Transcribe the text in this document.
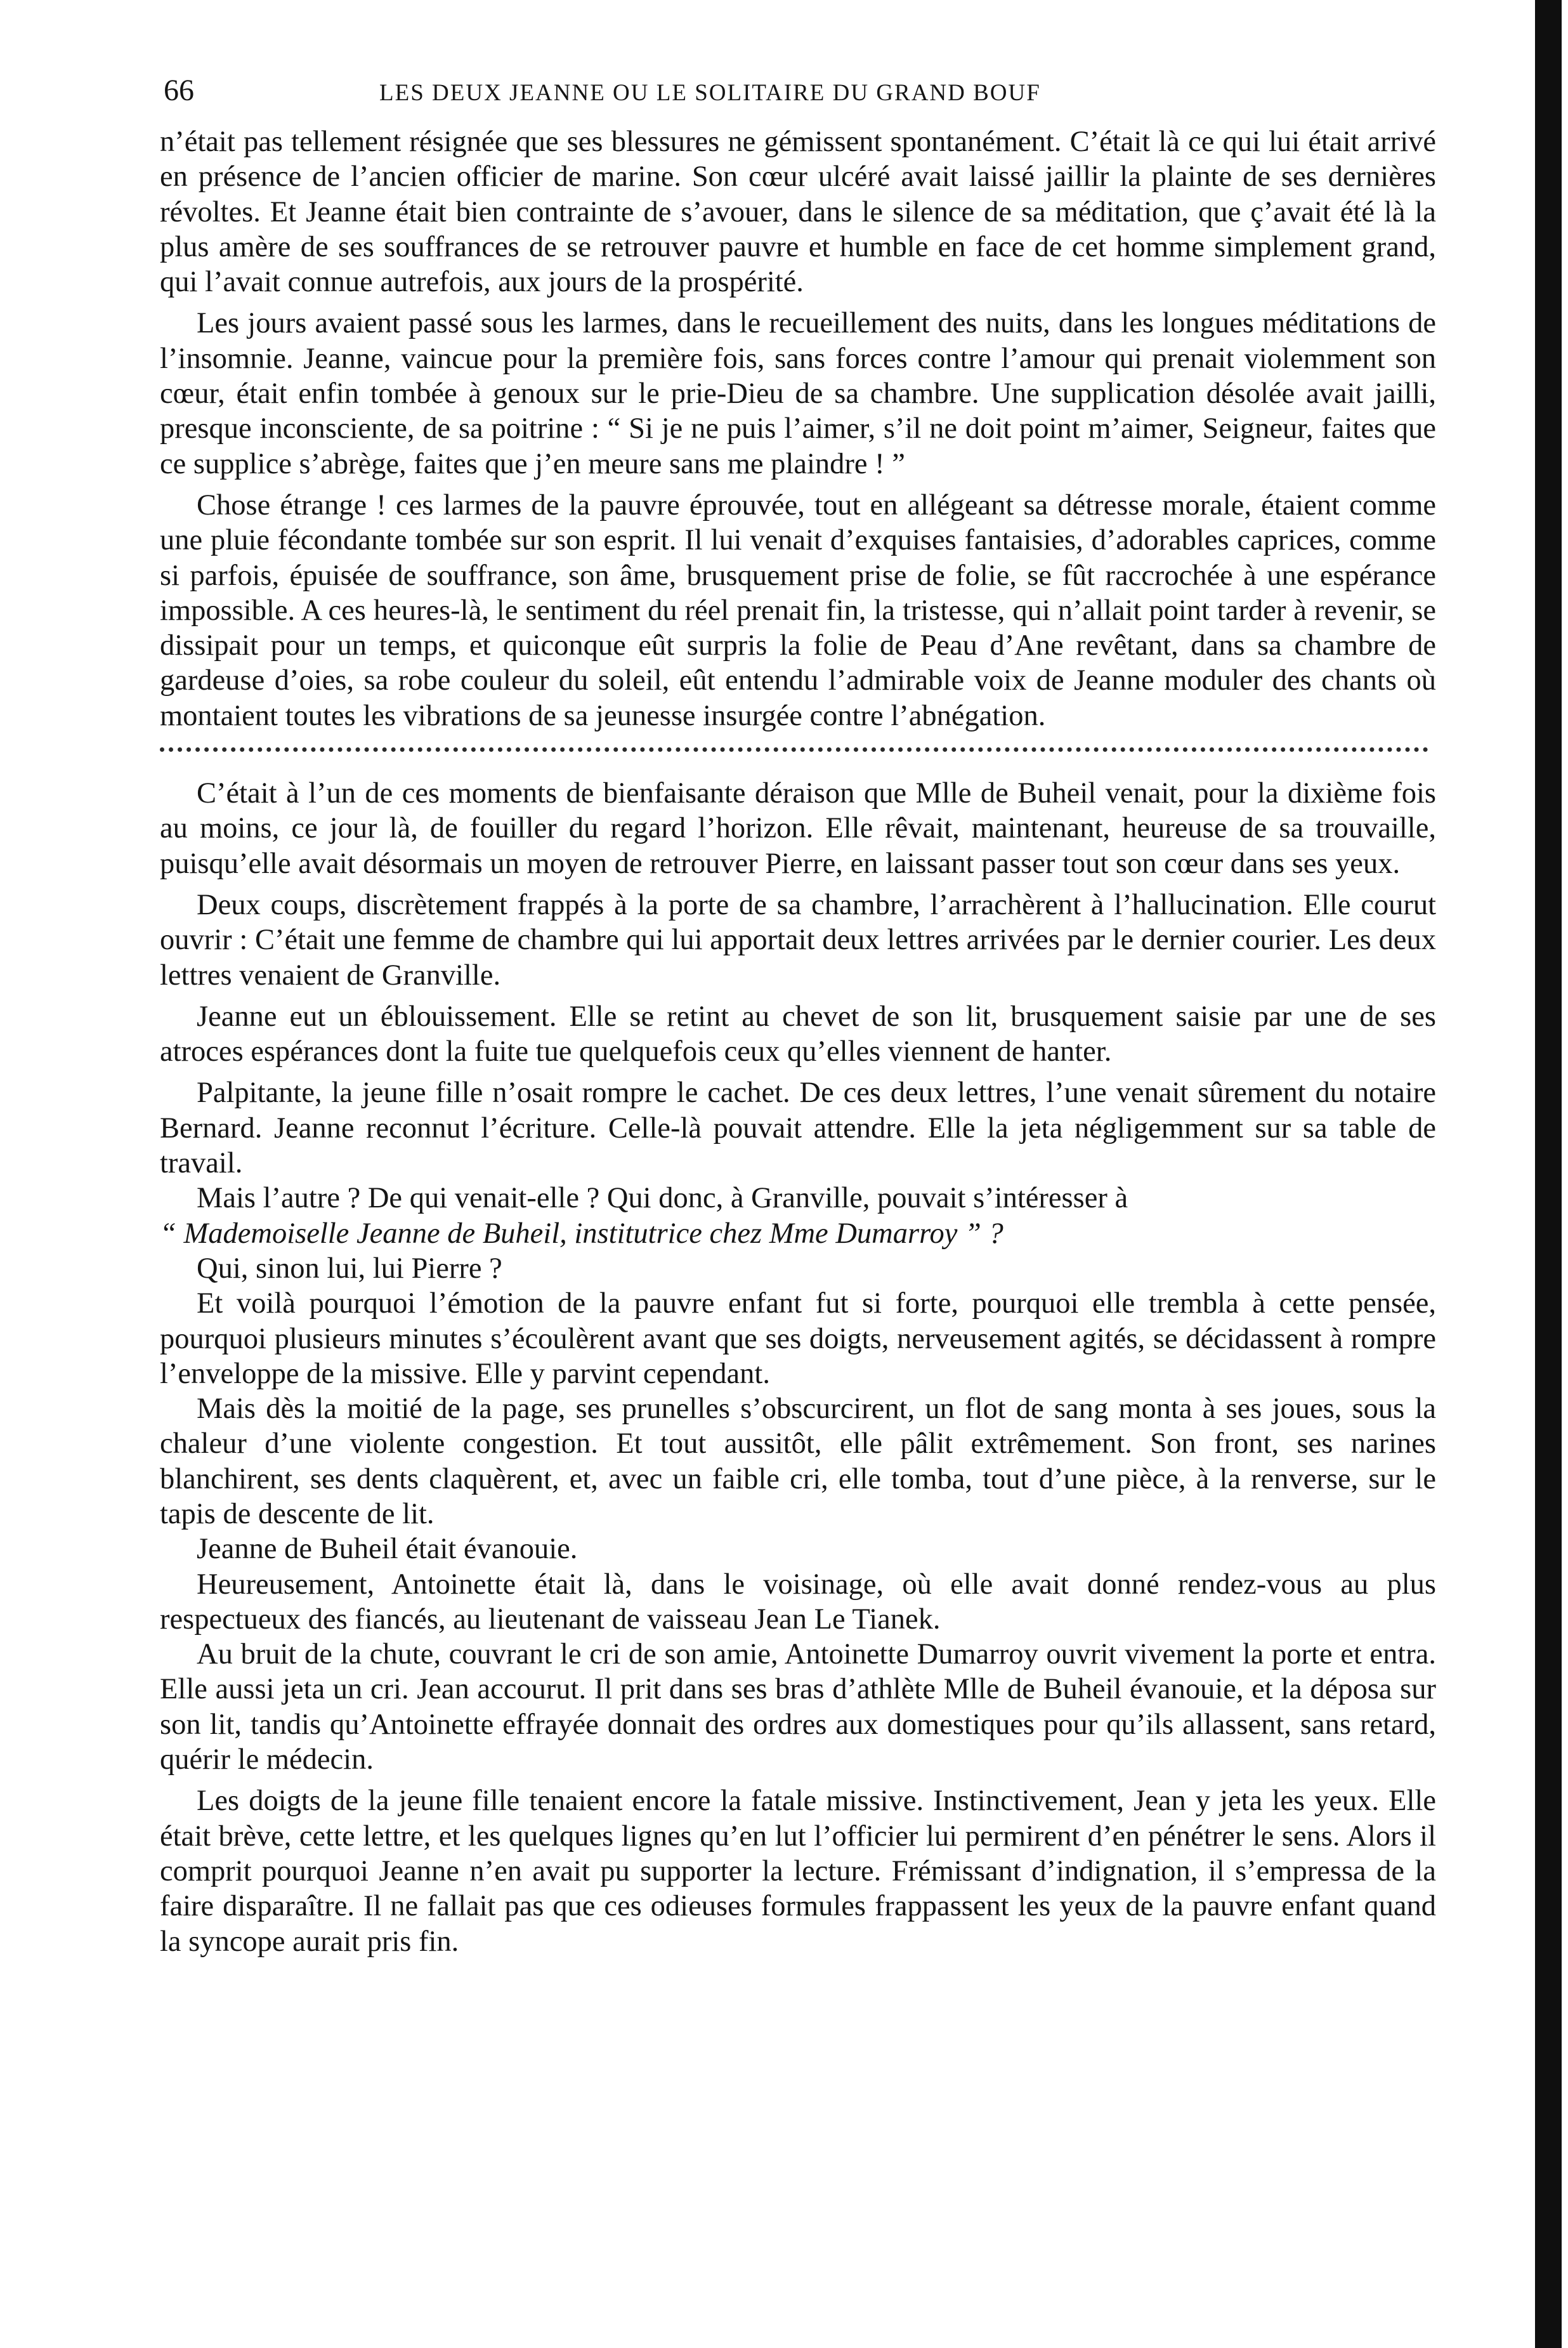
66	LES DEUX JEANNE OU LE SOLITAIRE DU GRAND BOUF

n’était pas tellement résignée que ses blessures ne gémissent spontanément. C’était là ce qui lui était arrivé en présence de l’ancien officier de marine. Son cœur ulcéré avait laissé jaillir la plainte de ses dernières révoltes. Et Jeanne était bien contrainte de s’avouer, dans le silence de sa méditation, que ç’avait été là la plus amère de ses souffrances de se retrouver pauvre et humble en face de cet homme simplement grand, qui l’avait connue autrefois, aux jours de la prospérité.

Les jours avaient passé sous les larmes, dans le recueillement des nuits, dans les longues méditations de l’insomnie. Jeanne, vaincue pour la première fois, sans forces contre l’amour qui prenait violemment son cœur, était enfin tombée à genoux sur le prie-Dieu de sa chambre. Une supplication désolée avait jailli, presque inconsciente, de sa poitrine : “ Si je ne puis l’aimer, s’il ne doit point m’aimer, Seigneur, faites que ce supplice s’abrège, faites que j’en meure sans me plaindre ! ”

Chose étrange ! ces larmes de la pauvre éprouvée, tout en allégeant sa détresse morale, étaient comme une pluie fécondante tombée sur son esprit. Il lui venait d’exquises fantaisies, d’adorables caprices, comme si parfois, épuisée de souffrance, son âme, brusquement prise de folie, se fût raccrochée à une espérance impossible. A ces heures-là, le sentiment du réel prenait fin, la tristesse, qui n’allait point tarder à revenir, se dissipait pour un temps, et quiconque eût surpris la folie de Peau d’Ane revêtant, dans sa chambre de gardeuse d’oies, sa robe couleur du soleil, eût entendu l’admirable voix de Jeanne moduler des chants où montaient toutes les vibrations de sa jeunesse insurgée contre l’abnégation.

C’était à l’un de ces moments de bienfaisante déraison que Mlle de Buheil venait, pour la dixième fois au moins, ce jour là, de fouiller du regard l’horizon. Elle rêvait, maintenant, heureuse de sa trouvaille, puisqu’elle avait désormais un moyen de retrouver Pierre, en laissant passer tout son cœur dans ses yeux.

Deux coups, discrètement frappés à la porte de sa chambre, l’arrachèrent à l’hallucination. Elle courut ouvrir : C’était une femme de chambre qui lui apportait deux lettres arrivées par le dernier courier. Les deux lettres venaient de Granville.

Jeanne eut un éblouissement. Elle se retint au chevet de son lit, brusquement saisie par une de ses atroces espérances dont la fuite tue quelquefois ceux qu’elles viennent de hanter.

Palpitante, la jeune fille n’osait rompre le cachet. De ces deux lettres, l’une venait sûrement du notaire Bernard. Jeanne reconnut l’écriture. Celle-là pouvait attendre. Elle la jeta négligemment sur sa table de travail.

Mais l’autre ? De qui venait-elle ? Qui donc, à Granville, pouvait s’intéresser à

“ Mademoiselle Jeanne de Buheil, institutrice chez Mme Dumarroy ” ?

Qui, sinon lui, lui Pierre ?

Et voilà pourquoi l’émotion de la pauvre enfant fut si forte, pourquoi elle trembla à cette pensée, pourquoi plusieurs minutes s’écoulèrent avant que ses doigts, nerveusement agités, se décidassent à rompre l’enveloppe de la missive. Elle y parvint cependant.

Mais dès la moitié de la page, ses prunelles s’obscurcirent, un flot de sang monta à ses joues, sous la chaleur d’une violente congestion. Et tout aussitôt, elle pâlit extrêmement. Son front, ses narines blanchirent, ses dents claquèrent, et, avec un faible cri, elle tomba, tout d’une pièce, à la renverse, sur le tapis de descente de lit.

Jeanne de Buheil était évanouie.

Heureusement, Antoinette était là, dans le voisinage, où elle avait donné rendez-vous au plus respectueux des fiancés, au lieutenant de vaisseau Jean Le Tianek.

Au bruit de la chute, couvrant le cri de son amie, Antoinette Dumarroy ouvrit vivement la porte et entra. Elle aussi jeta un cri. Jean accourut. Il prit dans ses bras d’athlète Mlle de Buheil évanouie, et la déposa sur son lit, tandis qu’Antoinette effrayée donnait des ordres aux domestiques pour qu’ils allassent, sans retard, quérir le médecin.

Les doigts de la jeune fille tenaient encore la fatale missive. Instinctivement, Jean y jeta les yeux. Elle était brève, cette lettre, et les quelques lignes qu’en lut l’officier lui permirent d’en pénétrer le sens. Alors il comprit pourquoi Jeanne n’en avait pu supporter la lecture. Frémissant d’indignation, il s’empressa de la faire disparaître. Il ne fallait pas que ces odieuses formules frappassent les yeux de la pauvre enfant quand la syncope aurait pris fin.
